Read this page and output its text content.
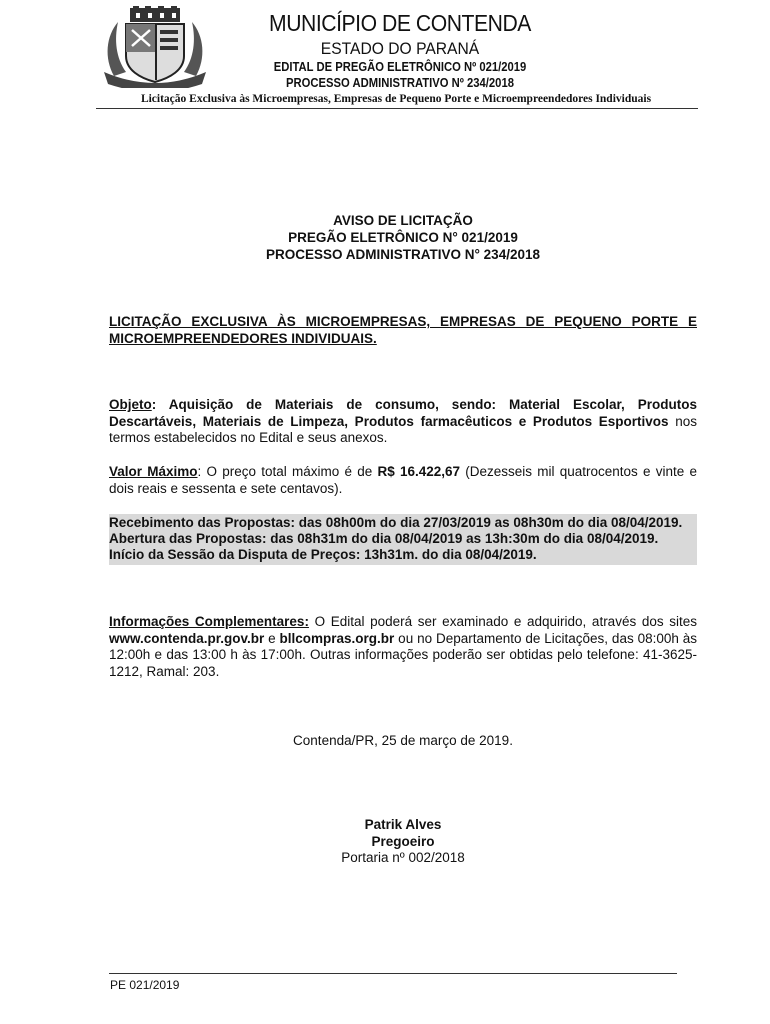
MUNICÍPIO DE CONTENDA
ESTADO DO PARANÁ
EDITAL DE PREGÃO ELETRÔNICO Nº 021/2019
PROCESSO ADMINISTRATIVO Nº 234/2018
Licitação Exclusiva às Microempresas, Empresas de Pequeno Porte e Microempreendedores Individuais
AVISO DE LICITAÇÃO
PREGÃO ELETRÔNICO N° 021/2019
PROCESSO ADMINISTRATIVO N° 234/2018
LICITAÇÃO EXCLUSIVA ÀS MICROEMPRESAS, EMPRESAS DE PEQUENO PORTE E MICROEMPREENDEDORES INDIVIDUAIS.
Objeto: Aquisição de Materiais de consumo, sendo: Material Escolar, Produtos Descartáveis, Materiais de Limpeza, Produtos farmacêuticos e Produtos Esportivos nos termos estabelecidos no Edital e seus anexos.
Valor Máximo: O preço total máximo é de R$ 16.422,67 (Dezesseis mil quatrocentos e vinte e dois reais e sessenta e sete centavos).
Recebimento das Propostas: das 08h00m do dia 27/03/2019 as 08h30m do dia 08/04/2019.
Abertura das Propostas: das 08h31m do dia 08/04/2019 as 13h:30m do dia 08/04/2019.
Início da Sessão da Disputa de Preços: 13h31m. do dia 08/04/2019.
Informações Complementares: O Edital poderá ser examinado e adquirido, através dos sites www.contenda.pr.gov.br e bllcompras.org.br ou no Departamento de Licitações, das 08:00h às 12:00h e das 13:00 h às 17:00h. Outras informações poderão ser obtidas pelo telefone: 41-3625-1212, Ramal: 203.
Contenda/PR, 25 de março de 2019.
Patrik Alves
Pregoeiro
Portaria nº 002/2018
PE 021/2019
